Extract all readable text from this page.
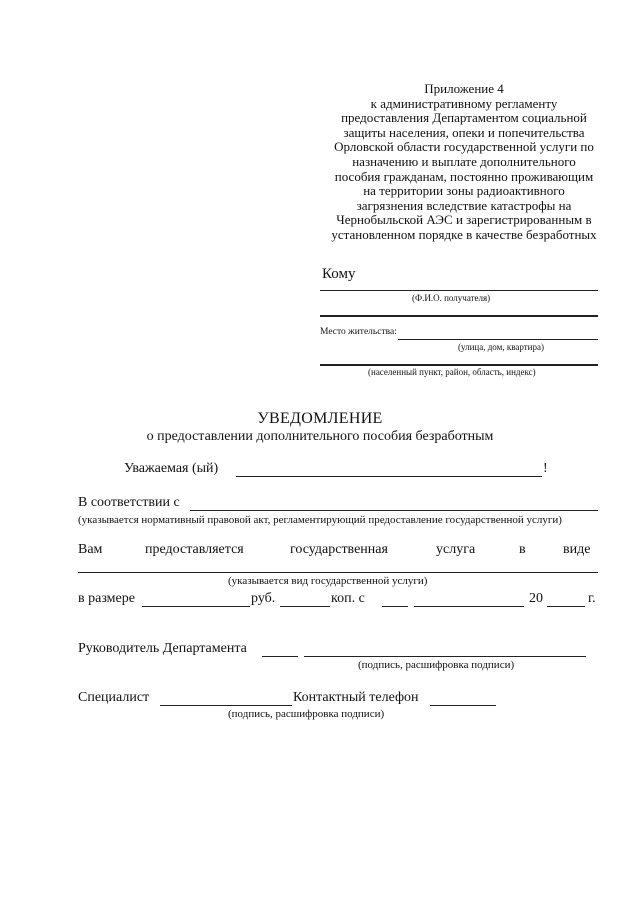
Приложение 4
к административному регламенту
предоставления Департаментом социальной
защиты населения, опеки и попечительства
Орловской области государственной услуги по
назначению и выплате дополнительного
пособия гражданам, постоянно проживающим
на территории зоны радиоактивного
загрязнения вследствие катастрофы на
Чернобыльской АЭС и зарегистрированным в
установленном порядке в качестве безработных
Кому
(Ф.И.О. получателя)
Место жительства:
(улица, дом, квартира)
(населенный пункт, район, область, индекс)
УВЕДОМЛЕНИЕ
о предоставлении дополнительного пособия безработным
Уважаемая (ый)	!
В соответствии с
(указывается нормативный правовой акт, регламентирующий предоставление государственной услуги)
Вам	предоставляется	государственная	услуга	в	виде
(указывается вид государственной услуги)
в размере	руб.	коп. с	20	г.
Руководитель Департамента
(подпись, расшифровка подписи)
Специалист	Контактный телефон
(подпись, расшифровка подписи)
